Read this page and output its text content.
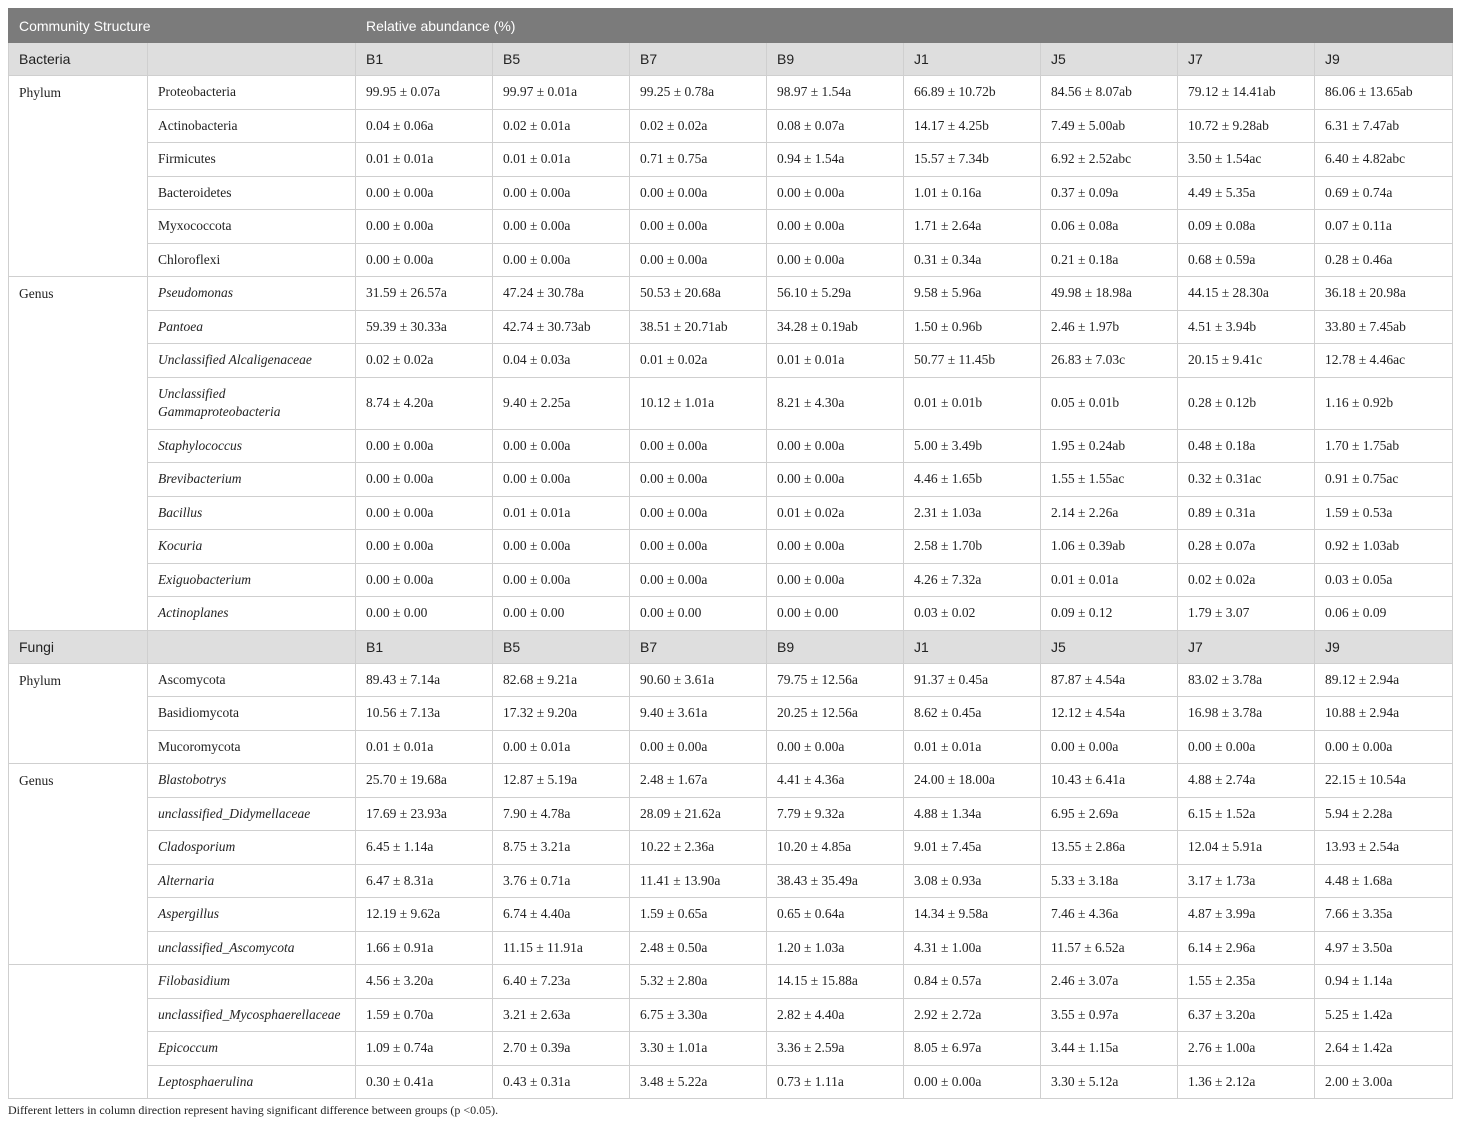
Community Structure		Relative abundance (%)							
Bacteria		B1	B5	B7	B9	J1	J5	J7	J9
Phylum	Proteobacteria	99.95 ± 0.07a	99.97 ± 0.01a	99.25 ± 0.78a	98.97 ± 1.54a	66.89 ± 10.72b	84.56 ± 8.07ab	79.12 ± 14.41ab	86.06 ± 13.65ab
	Actinobacteria	0.04 ± 0.06a	0.02 ± 0.01a	0.02 ± 0.02a	0.08 ± 0.07a	14.17 ± 4.25b	7.49 ± 5.00ab	10.72 ± 9.28ab	6.31 ± 7.47ab
	Firmicutes	0.01 ± 0.01a	0.01 ± 0.01a	0.71 ± 0.75a	0.94 ± 1.54a	15.57 ± 7.34b	6.92 ± 2.52abc	3.50 ± 1.54ac	6.40 ± 4.82abc
	Bacteroidetes	0.00 ± 0.00a	0.00 ± 0.00a	0.00 ± 0.00a	0.00 ± 0.00a	1.01 ± 0.16a	0.37 ± 0.09a	4.49 ± 5.35a	0.69 ± 0.74a
	Myxococcota	0.00 ± 0.00a	0.00 ± 0.00a	0.00 ± 0.00a	0.00 ± 0.00a	1.71 ± 2.64a	0.06 ± 0.08a	0.09 ± 0.08a	0.07 ± 0.11a
	Chloroflexi	0.00 ± 0.00a	0.00 ± 0.00a	0.00 ± 0.00a	0.00 ± 0.00a	0.31 ± 0.34a	0.21 ± 0.18a	0.68 ± 0.59a	0.28 ± 0.46a
Genus	Pseudomonas	31.59 ± 26.57a	47.24 ± 30.78a	50.53 ± 20.68a	56.10 ± 5.29a	9.58 ± 5.96a	49.98 ± 18.98a	44.15 ± 28.30a	36.18 ± 20.98a
	Pantoea	59.39 ± 30.33a	42.74 ± 30.73ab	38.51 ± 20.71ab	34.28 ± 0.19ab	1.50 ± 0.96b	2.46 ± 1.97b	4.51 ± 3.94b	33.80 ± 7.45ab
	Unclassified Alcaligenaceae	0.02 ± 0.02a	0.04 ± 0.03a	0.01 ± 0.02a	0.01 ± 0.01a	50.77 ± 11.45b	26.83 ± 7.03c	20.15 ± 9.41c	12.78 ± 4.46ac
	Unclassified Gammaproteobacteria	8.74 ± 4.20a	9.40 ± 2.25a	10.12 ± 1.01a	8.21 ± 4.30a	0.01 ± 0.01b	0.05 ± 0.01b	0.28 ± 0.12b	1.16 ± 0.92b
	Staphylococcus	0.00 ± 0.00a	0.00 ± 0.00a	0.00 ± 0.00a	0.00 ± 0.00a	5.00 ± 3.49b	1.95 ± 0.24ab	0.48 ± 0.18a	1.70 ± 1.75ab
	Brevibacterium	0.00 ± 0.00a	0.00 ± 0.00a	0.00 ± 0.00a	0.00 ± 0.00a	4.46 ± 1.65b	1.55 ± 1.55ac	0.32 ± 0.31ac	0.91 ± 0.75ac
	Bacillus	0.00 ± 0.00a	0.01 ± 0.01a	0.00 ± 0.00a	0.01 ± 0.02a	2.31 ± 1.03a	2.14 ± 2.26a	0.89 ± 0.31a	1.59 ± 0.53a
	Kocuria	0.00 ± 0.00a	0.00 ± 0.00a	0.00 ± 0.00a	0.00 ± 0.00a	2.58 ± 1.70b	1.06 ± 0.39ab	0.28 ± 0.07a	0.92 ± 1.03ab
	Exiguobacterium	0.00 ± 0.00a	0.00 ± 0.00a	0.00 ± 0.00a	0.00 ± 0.00a	4.26 ± 7.32a	0.01 ± 0.01a	0.02 ± 0.02a	0.03 ± 0.05a
	Actinoplanes	0.00 ± 0.00	0.00 ± 0.00	0.00 ± 0.00	0.00 ± 0.00	0.03 ± 0.02	0.09 ± 0.12	1.79 ± 3.07	0.06 ± 0.09
Fungi		B1	B5	B7	B9	J1	J5	J7	J9
Phylum	Ascomycota	89.43 ± 7.14a	82.68 ± 9.21a	90.60 ± 3.61a	79.75 ± 12.56a	91.37 ± 0.45a	87.87 ± 4.54a	83.02 ± 3.78a	89.12 ± 2.94a
	Basidiomycota	10.56 ± 7.13a	17.32 ± 9.20a	9.40 ± 3.61a	20.25 ± 12.56a	8.62 ± 0.45a	12.12 ± 4.54a	16.98 ± 3.78a	10.88 ± 2.94a
	Mucoromycota	0.01 ± 0.01a	0.00 ± 0.01a	0.00 ± 0.00a	0.00 ± 0.00a	0.01 ± 0.01a	0.00 ± 0.00a	0.00 ± 0.00a	0.00 ± 0.00a
Genus	Blastobotrys	25.70 ± 19.68a	12.87 ± 5.19a	2.48 ± 1.67a	4.41 ± 4.36a	24.00 ± 18.00a	10.43 ± 6.41a	4.88 ± 2.74a	22.15 ± 10.54a
	unclassified_Didymellaceae	17.69 ± 23.93a	7.90 ± 4.78a	28.09 ± 21.62a	7.79 ± 9.32a	4.88 ± 1.34a	6.95 ± 2.69a	6.15 ± 1.52a	5.94 ± 2.28a
	Cladosporium	6.45 ± 1.14a	8.75 ± 3.21a	10.22 ± 2.36a	10.20 ± 4.85a	9.01 ± 7.45a	13.55 ± 2.86a	12.04 ± 5.91a	13.93 ± 2.54a
	Alternaria	6.47 ± 8.31a	3.76 ± 0.71a	11.41 ± 13.90a	38.43 ± 35.49a	3.08 ± 0.93a	5.33 ± 3.18a	3.17 ± 1.73a	4.48 ± 1.68a
	Aspergillus	12.19 ± 9.62a	6.74 ± 4.40a	1.59 ± 0.65a	0.65 ± 0.64a	14.34 ± 9.58a	7.46 ± 4.36a	4.87 ± 3.99a	7.66 ± 3.35a
	unclassified_Ascomycota	1.66 ± 0.91a	11.15 ± 11.91a	2.48 ± 0.50a	1.20 ± 1.03a	4.31 ± 1.00a	11.57 ± 6.52a	6.14 ± 2.96a	4.97 ± 3.50a
	Filobasidium	4.56 ± 3.20a	6.40 ± 7.23a	5.32 ± 2.80a	14.15 ± 15.88a	0.84 ± 0.57a	2.46 ± 3.07a	1.55 ± 2.35a	0.94 ± 1.14a
	unclassified_Mycosphaerellaceae	1.59 ± 0.70a	3.21 ± 2.63a	6.75 ± 3.30a	2.82 ± 4.40a	2.92 ± 2.72a	3.55 ± 0.97a	6.37 ± 3.20a	5.25 ± 1.42a
	Epicoccum	1.09 ± 0.74a	2.70 ± 0.39a	3.30 ± 1.01a	3.36 ± 2.59a	8.05 ± 6.97a	3.44 ± 1.15a	2.76 ± 1.00a	2.64 ± 1.42a
	Leptosphaerulina	0.30 ± 0.41a	0.43 ± 0.31a	3.48 ± 5.22a	0.73 ± 1.11a	0.00 ± 0.00a	3.30 ± 5.12a	1.36 ± 2.12a	2.00 ± 3.00a
Different letters in column direction represent having significant difference between groups (p <0.05).
